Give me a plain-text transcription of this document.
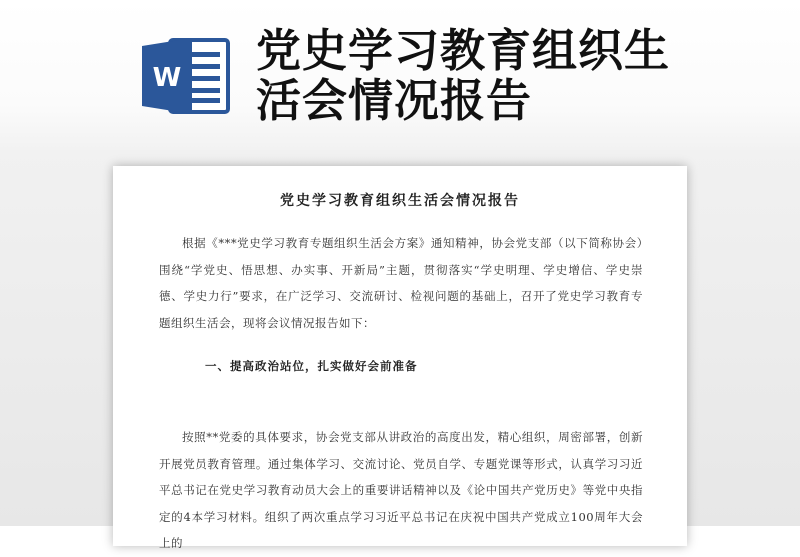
W
党史学习教育组织生活会情况报告
党史学习教育组织生活会情况报告

根据《***党史学习教育专题组织生活会方案》通知精神，协会党支部（以下简称协会）围绕“学党史、悟思想、办实事、开新局”主题，贯彻落实“学史明理、学史增信、学史崇德、学史力行”要求，在广泛学习、交流研讨、检视问题的基础上，召开了党史学习教育专题组织生活会，现将会议情况报告如下：

一、提高政治站位，扎实做好会前准备

按照**党委的具体要求，协会党支部从讲政治的高度出发，精心组织，周密部署，创新开展党员教育管理。通过集体学习、交流讨论、党员自学、专题党课等形式，认真学习习近平总书记在党史学习教育动员大会上的重要讲话精神以及《论中国共产党历史》等党中央指定的4本学习材料。组织了两次重点学习习近平总书记在庆祝中国共产党成立100周年大会上的
